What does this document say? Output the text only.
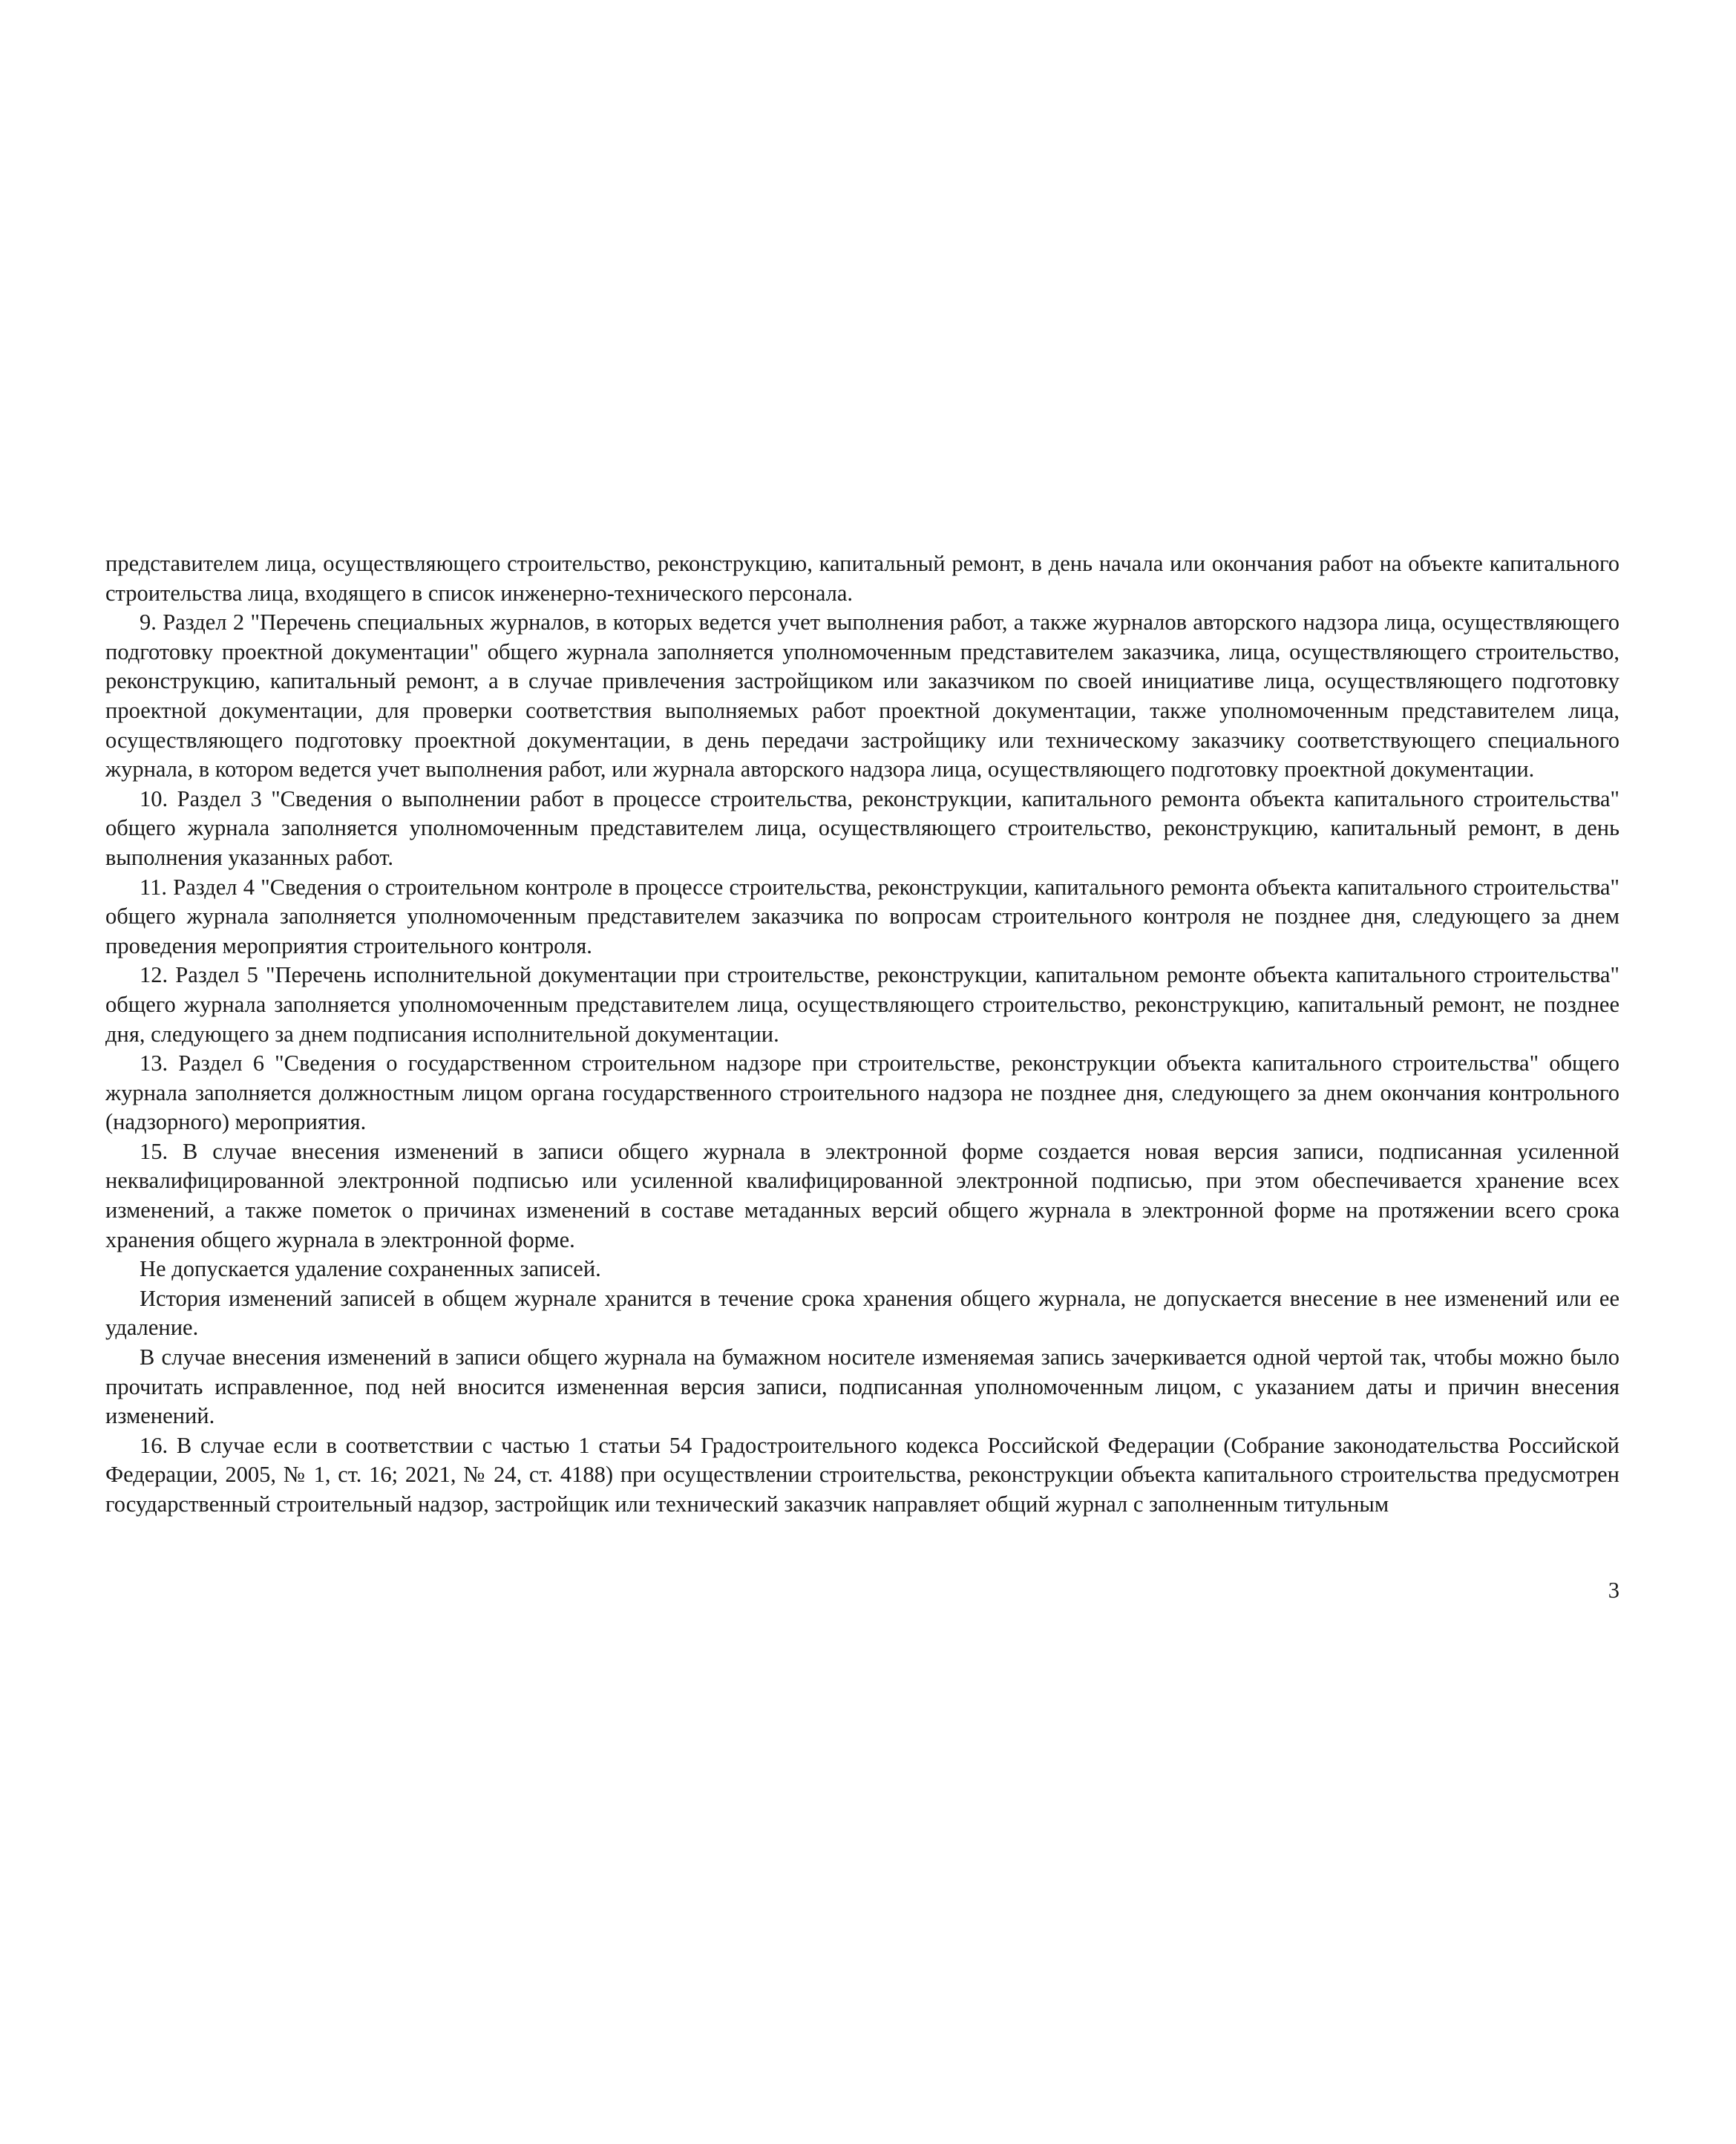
представителем лица, осуществляющего строительство, реконструкцию, капитальный ремонт, в день начала или окончания работ на объекте капитального строительства лица, входящего в список инженерно-технического персонала.

9. Раздел 2 "Перечень специальных журналов, в которых ведется учет выполнения работ, а также журналов авторского надзора лица, осуществляющего подготовку проектной документации" общего журнала заполняется уполномоченным представителем заказчика, лица, осуществляющего строительство, реконструкцию, капитальный ремонт, а в случае привлечения застройщиком или заказчиком по своей инициативе лица, осуществляющего подготовку проектной документации, для проверки соответствия выполняемых работ проектной документации, также уполномоченным представителем лица, осуществляющего подготовку проектной документации, в день передачи застройщику или техническому заказчику соответствующего специального журнала, в котором ведется учет выполнения работ, или журнала авторского надзора лица, осуществляющего подготовку проектной документации.

10. Раздел 3 "Сведения о выполнении работ в процессе строительства, реконструкции, капитального ремонта объекта капитального строительства" общего журнала заполняется уполномоченным представителем лица, осуществляющего строительство, реконструкцию, капитальный ремонт, в день выполнения указанных работ.

11. Раздел 4 "Сведения о строительном контроле в процессе строительства, реконструкции, капитального ремонта объекта капитального строительства" общего журнала заполняется уполномоченным представителем заказчика по вопросам строительного контроля не позднее дня, следующего за днем проведения мероприятия строительного контроля.

12. Раздел 5 "Перечень исполнительной документации при строительстве, реконструкции, капитальном ремонте объекта капитального строительства" общего журнала заполняется уполномоченным представителем лица, осуществляющего строительство, реконструкцию, капитальный ремонт, не позднее дня, следующего за днем подписания исполнительной документации.

13. Раздел 6 "Сведения о государственном строительном надзоре при строительстве, реконструкции объекта капитального строительства" общего журнала заполняется должностным лицом органа государственного строительного надзора не позднее дня, следующего за днем окончания контрольного (надзорного) мероприятия.

15. В случае внесения изменений в записи общего журнала в электронной форме создается новая версия записи, подписанная усиленной неквалифицированной электронной подписью или усиленной квалифицированной электронной подписью, при этом обеспечивается хранение всех изменений, а также пометок о причинах изменений в составе метаданных версий общего журнала в электронной форме на протяжении всего срока хранения общего журнала в электронной форме.

Не допускается удаление сохраненных записей.

История изменений записей в общем журнале хранится в течение срока хранения общего журнала, не допускается внесение в нее изменений или ее удаление.

В случае внесения изменений в записи общего журнала на бумажном носителе изменяемая запись зачеркивается одной чертой так, чтобы можно было прочитать исправленное, под ней вносится измененная версия записи, подписанная уполномоченным лицом, с указанием даты и причин внесения изменений.

16. В случае если в соответствии с частью 1 статьи 54 Градостроительного кодекса Российской Федерации (Собрание законодательства Российской Федерации, 2005, № 1, ст. 16; 2021, № 24, ст. 4188) при осуществлении строительства, реконструкции объекта капитального строительства предусмотрен государственный строительный надзор, застройщик или технический заказчик направляет общий журнал с заполненным титульным

3
